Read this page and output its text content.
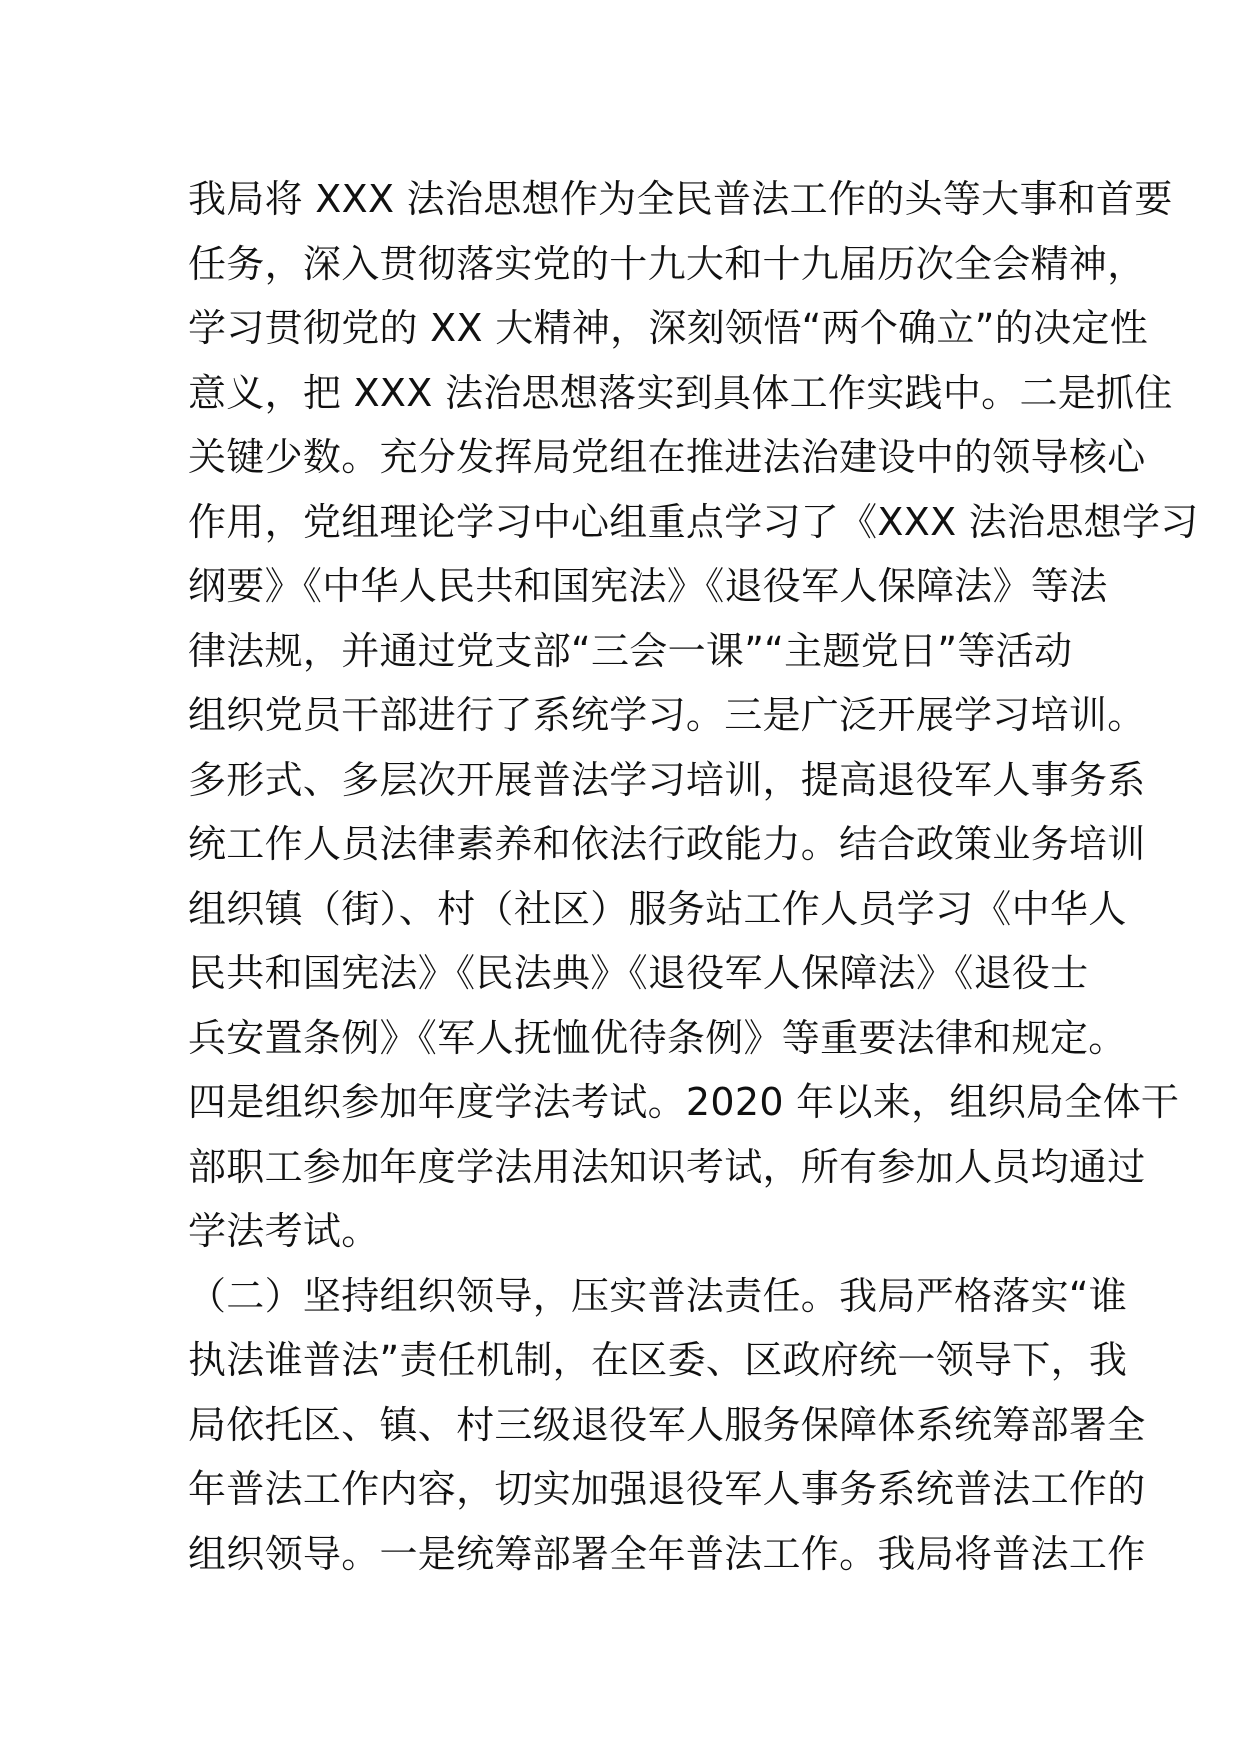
我局将 XXX 法治思想作为全民普法工作的头等大事和首要
任务，深入贯彻落实党的十九大和十九届历次全会精神，
学习贯彻党的 XX 大精神，深刻领悟“两个确立”的决定性
意义，把 XXX 法治思想落实到具体工作实践中。二是抓住
关键少数。充分发挥局党组在推进法治建设中的领导核心
作用，党组理论学习中心组重点学习了《XXX 法治思想学习
纲要》《中华人民共和国宪法》《退役军人保障法》等法
律法规，并通过党支部“三会一课”“主题党日”等活动
组织党员干部进行了系统学习。三是广泛开展学习培训。
多形式、多层次开展普法学习培训，提高退役军人事务系
统工作人员法律素养和依法行政能力。结合政策业务培训
组织镇（街）、村（社区）服务站工作人员学习《中华人
民共和国宪法》《民法典》《退役军人保障法》《退役士
兵安置条例》《军人抚恤优待条例》等重要法律和规定。
四是组织参加年度学法考试。2020 年以来，组织局全体干
部职工参加年度学法用法知识考试，所有参加人员均通过
学法考试。
（二）坚持组织领导，压实普法责任。我局严格落实“谁
执法谁普法”责任机制，在区委、区政府统一领导下，我
局依托区、镇、村三级退役军人服务保障体系统筹部署全
年普法工作内容，切实加强退役军人事务系统普法工作的
组织领导。一是统筹部署全年普法工作。我局将普法工作
